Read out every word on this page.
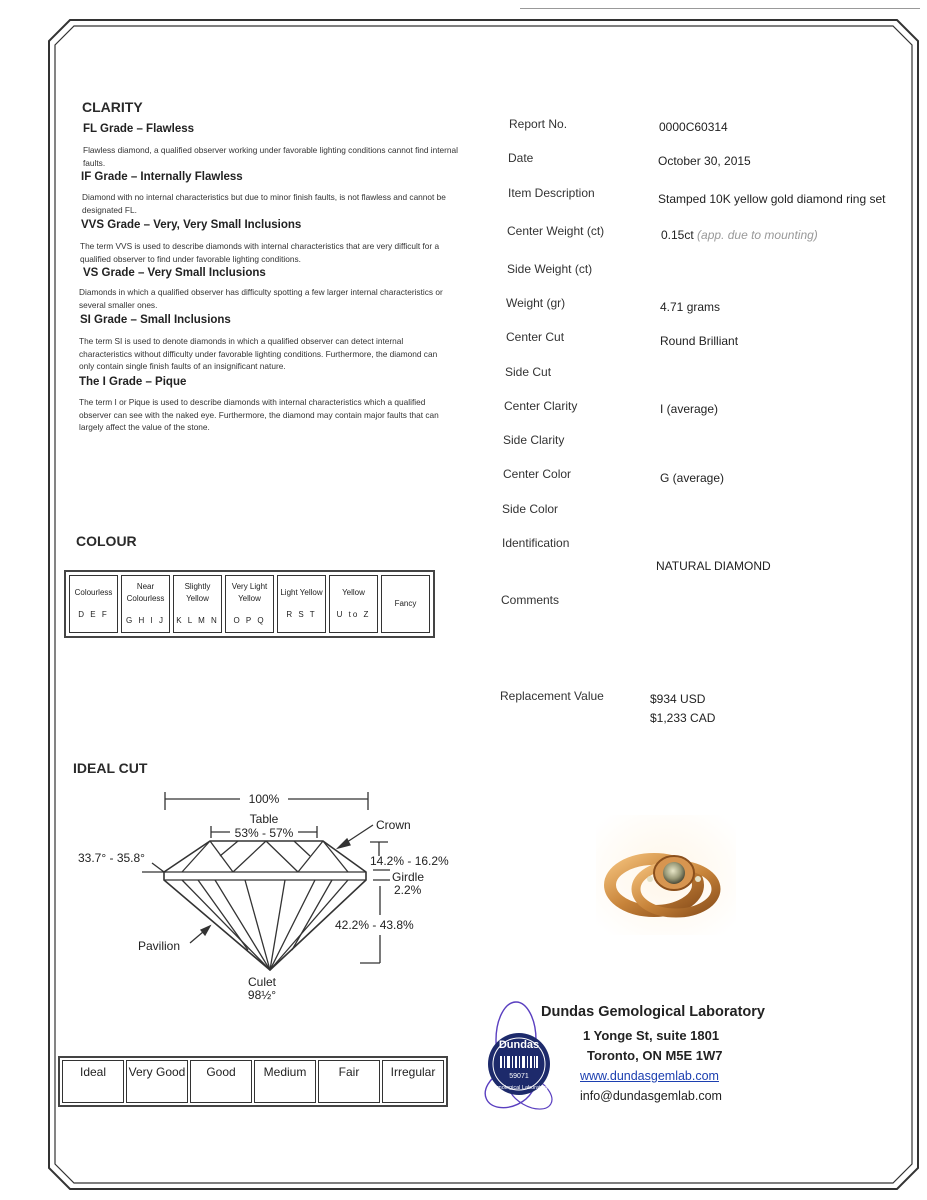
CLARITY
FL Grade – Flawless
Flawless diamond, a qualified observer working under favorable lighting conditions cannot find internal faults.
IF Grade – Internally Flawless
Diamond with no internal characteristics but due to minor finish faults, is not flawless and cannot be designated FL.
VVS Grade – Very, Very Small Inclusions
The term VVS is used to describe diamonds with internal characteristics that are very difficult for a qualified observer to find under favorable lighting conditions.
VS Grade – Very Small Inclusions
Diamonds in which a qualified observer has difficulty spotting a few larger internal characteristics or several smaller ones.
SI Grade – Small Inclusions
The term SI is used to denote diamonds in which a qualified observer can detect internal characteristics without difficulty under favorable lighting conditions. Furthermore, the diamond can only contain single finish faults of an insignificant nature.
The I Grade – Pique
The term I or Pique is used to describe diamonds with internal characteristics which a qualified observer can see with the naked eye. Furthermore, the diamond may contain major faults that can largely affect the value of the stone.
Report No.	0000C60314
Date	October 30, 2015
Item Description	Stamped 10K yellow gold diamond ring set
Center Weight (ct)	0.15ct (app. due to mounting)
Side Weight (ct)
Weight (gr)	4.71 grams
Center Cut	Round Brilliant
Side Cut
Center Clarity	I (average)
Side Clarity
Center Color	G (average)
Side Color
Identification
NATURAL DIAMOND
Comments
Replacement Value	$934 USD
$1,233 CAD
COLOUR
Colourless
D E F
	Near Colourless
G H I J
	Slightly Yellow
K L M N
	Very Light Yellow
O P Q
	Light Yellow
R S T
	Yellow
U to Z
	Fancy
IDEAL CUT
100%
Table
53% - 57%
Crown
33.7° - 35.8°	14.2% - 16.2%
Girdle
2.2%
42.2% - 43.8%
Pavilion
Culet
98½°
Ideal	Very Good	Good	Medium	Fair	Irregular
Dundas
59071
Gemological Laboratory
Dundas Gemological Laboratory
1 Yonge St, suite 1801
Toronto, ON M5E 1W7
www.dundasgemlab.com
info@dundasgemlab.com
